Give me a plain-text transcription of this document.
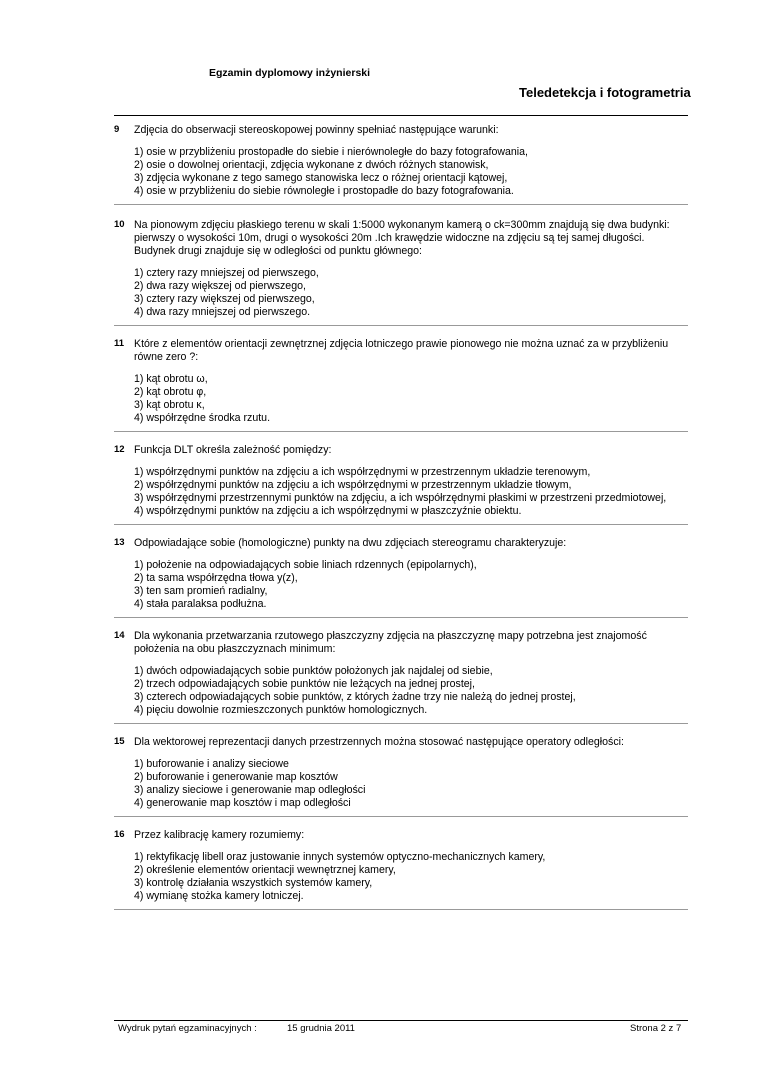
Egzamin dyplomowy inżynierski
Teledetekcja i fotogrametria
9 Zdjęcia do obserwacji stereoskopowej powinny spełniać następujące warunki:
1) osie w przybliżeniu prostopadłe do siebie i nierównoległe do bazy fotografowania,
2) osie o dowolnej orientacji, zdjęcia wykonane z dwóch różnych stanowisk,
3) zdjęcia wykonane z tego samego stanowiska lecz o różnej orientacji kątowej,
4) osie w przybliżeniu do siebie równoległe i prostopadłe do bazy fotografowania.
10 Na pionowym zdjęciu płaskiego terenu w skali 1:5000 wykonanym kamerą o ck=300mm znajdują się dwa budynki: pierwszy o wysokości 10m, drugi o wysokości 20m .Ich krawędzie widoczne na zdjęciu są tej samej długości. Budynek drugi znajduje się w odległości od punktu głównego:
1) cztery razy mniejszej od pierwszego,
2) dwa razy większej od pierwszego,
3) cztery razy większej od pierwszego,
4) dwa razy mniejszej od pierwszego.
11 Które z elementów orientacji zewnętrznej zdjęcia lotniczego prawie pionowego nie można uznać za w przybliżeniu równe zero ?:
1) kąt obrotu ω,
2) kąt obrotu φ,
3) kąt obrotu κ,
4) współrzędne środka rzutu.
12 Funkcja DLT określa zależność pomiędzy:
1) współrzędnymi punktów na zdjęciu a ich współrzędnymi w przestrzennym układzie terenowym,
2) współrzędnymi punktów na zdjęciu a ich współrzędnymi w przestrzennym układzie tłowym,
3) współrzędnymi przestrzennymi punktów na zdjęciu, a ich współrzędnymi płaskimi w przestrzeni przedmiotowej,
4) współrzędnymi punktów na zdjęciu a ich współrzędnymi w płaszczyźnie obiektu.
13 Odpowiadające sobie (homologiczne) punkty na dwu zdjęciach stereogramu charakteryzuje:
1) położenie na odpowiadających sobie liniach rdzennych (epipolarnych),
2) ta sama współrzędna tłowa y(z),
3) ten sam promień radialny,
4) stała paralaksa podłużna.
14 Dla wykonania przetwarzania rzutowego płaszczyzny zdjęcia na płaszczyznę mapy potrzebna jest znajomość położenia na obu płaszczyznach minimum:
1) dwóch odpowiadających sobie punktów położonych jak najdalej od siebie,
2) trzech odpowiadających sobie punktów nie leżących na jednej prostej,
3) czterech odpowiadających sobie punktów, z których żadne trzy nie należą do jednej prostej,
4) pięciu dowolnie rozmieszczonych punktów homologicznych.
15 Dla wektorowej reprezentacji danych przestrzennych można stosować następujące operatory odległości:
1) buforowanie i analizy sieciowe
2) buforowanie i generowanie map kosztów
3) analizy sieciowe i generowanie map odległości
4) generowanie map kosztów i map odległości
16 Przez kalibrację kamery rozumiemy:
1) rektyfikację libell oraz justowanie innych systemów optyczno-mechanicznych kamery,
2) określenie elementów orientacji wewnętrznej kamery,
3) kontrolę działania wszystkich systemów kamery,
4) wymianę stożka kamery lotniczej.
Wydruk pytań egzaminacyjnych :	15 grudnia 2011	Strona 2 z 7
